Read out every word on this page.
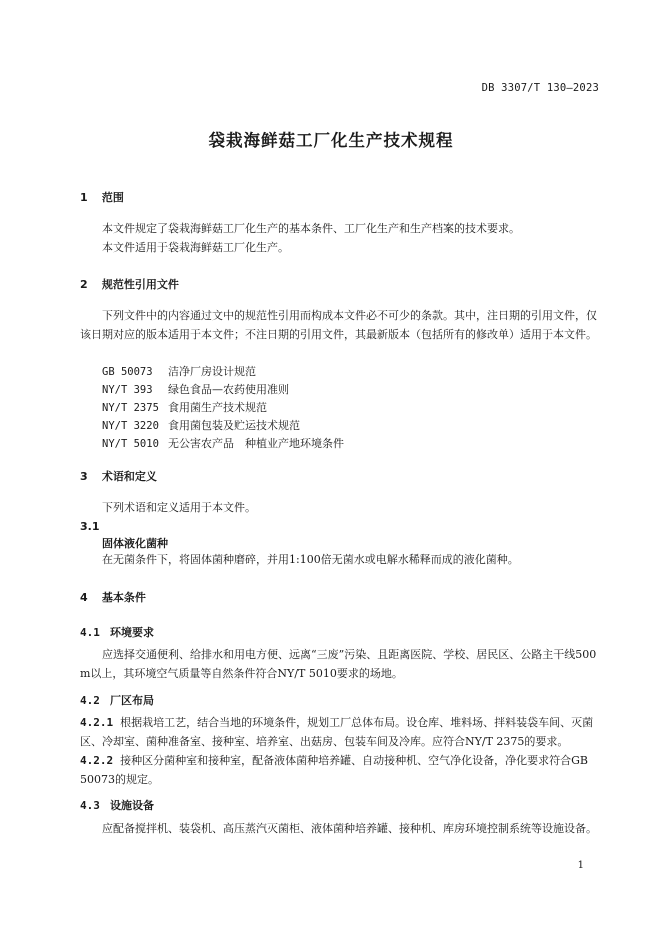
DB 3307/T 130—2023
袋栽海鲜菇工厂化生产技术规程
1 范围
本文件规定了袋栽海鲜菇工厂化生产的基本条件、工厂化生产和生产档案的技术要求。
本文件适用于袋栽海鲜菇工厂化生产。
2 规范性引用文件
下列文件中的内容通过文中的规范性引用而构成本文件必不可少的条款。其中，注日期的引用文件，仅该日期对应的版本适用于本文件；不注日期的引用文件，其最新版本（包括所有的修改单）适用于本文件。
GB 50073 洁净厂房设计规范
NY/T 393 绿色食品—农药使用准则
NY/T 2375 食用菌生产技术规范
NY/T 3220 食用菌包装及贮运技术规范
NY/T 5010 无公害农产品　种植业产地环境条件
3 术语和定义
下列术语和定义适用于本文件。
3.1
固体液化菌种
在无菌条件下，将固体菌种磨碎，并用1:100倍无菌水或电解水稀释而成的液化菌种。
4 基本条件
4.1 环境要求
应选择交通便利、给排水和用电方便、远离“三废”污染、且距离医院、学校、居民区、公路主干线500 m以上，其环境空气质量等自然条件符合NY/T 5010要求的场地。
4.2 厂区布局
4.2.1 根据栽培工艺，结合当地的环境条件，规划工厂总体布局。设仓库、堆料场、拌料装袋车间、灭菌区、冷却室、菌种准备室、接种室、培养室、出菇房、包装车间及冷库。应符合NY/T 2375的要求。
4.2.2 接种区分菌种室和接种室，配备液体菌种培养罐、自动接种机、空气净化设备，净化要求符合GB 50073的规定。
4.3 设施设备
应配备搅拌机、装袋机、高压蒸汽灭菌柜、液体菌种培养罐、接种机、库房环境控制系统等设施设备。
1
